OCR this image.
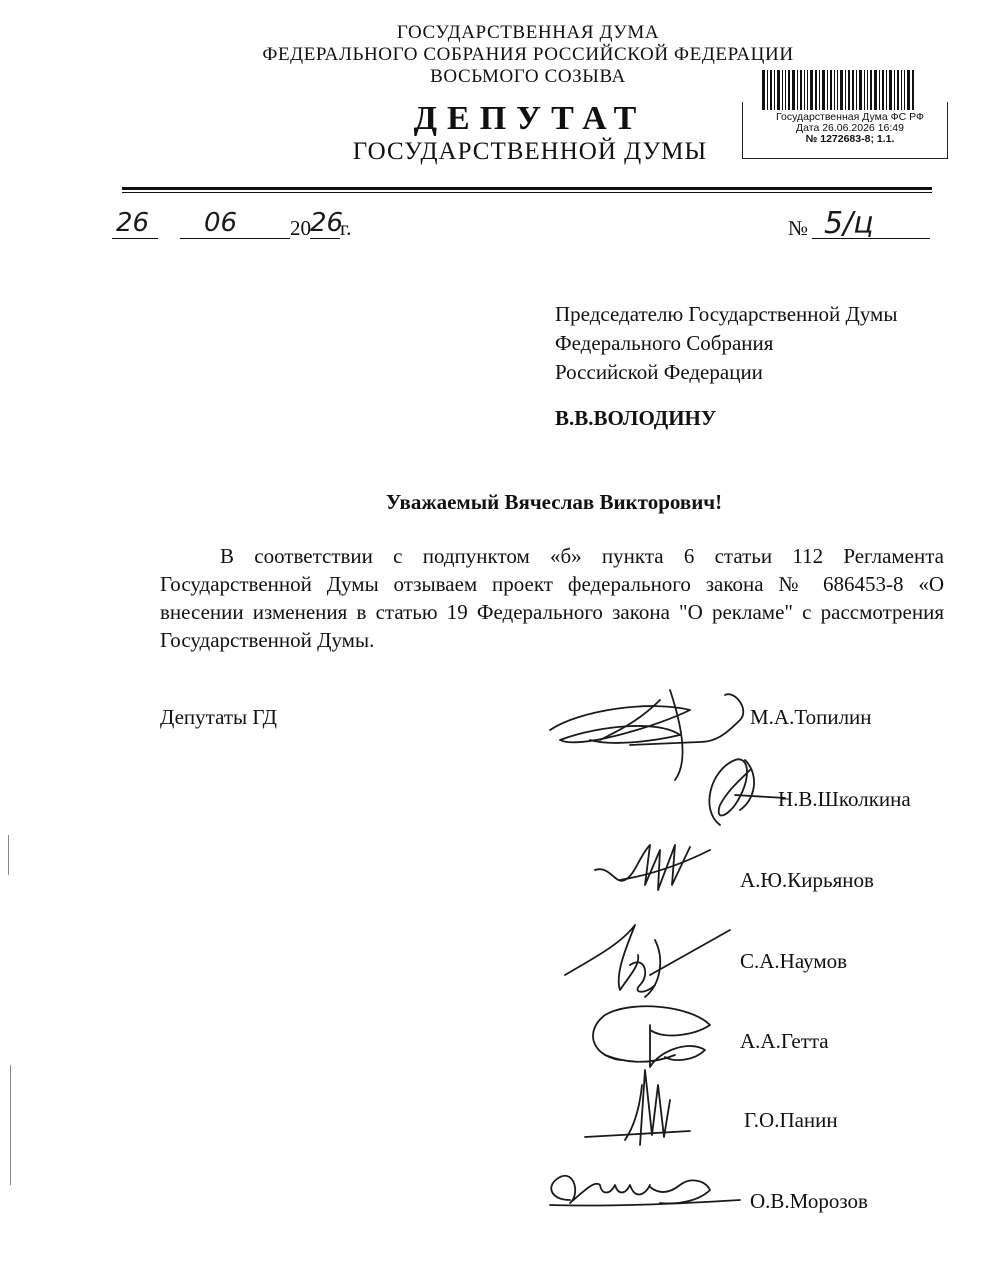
ГОСУДАРСТВЕННАЯ ДУМА
ФЕДЕРАЛЬНОГО СОБРАНИЯ РОССИЙСКОЙ ФЕДЕРАЦИИ
ВОСЬМОГО СОЗЫВА
ДЕПУТАТ
ГОСУДАРСТВЕННОЙ ДУМЫ
Государственная Дума ФС РФ
Дата 26.06.2026 16:49
№ 1272683-8; 1.1.
26 06	20 26
г.	№ 5/ц
Председателю Государственной Думы
Федерального Собрания
Российской Федерации
В.В.ВОЛОДИНУ
Уважаемый Вячеслав Викторович!
В соответствии с подпунктом «б» пункта 6 статьи 112 Регламента Государственной Думы отзываем проект федерального закона № 686453-8 «О внесении изменения в статью 19 Федерального закона "О рекламе" с рассмотрения Государственной Думы.
Депутаты ГД	М.А.Топилин
Н.В.Школкина
А.Ю.Кирьянов
С.А.Наумов
А.А.Гетта
Г.О.Панин
О.В.Морозов
